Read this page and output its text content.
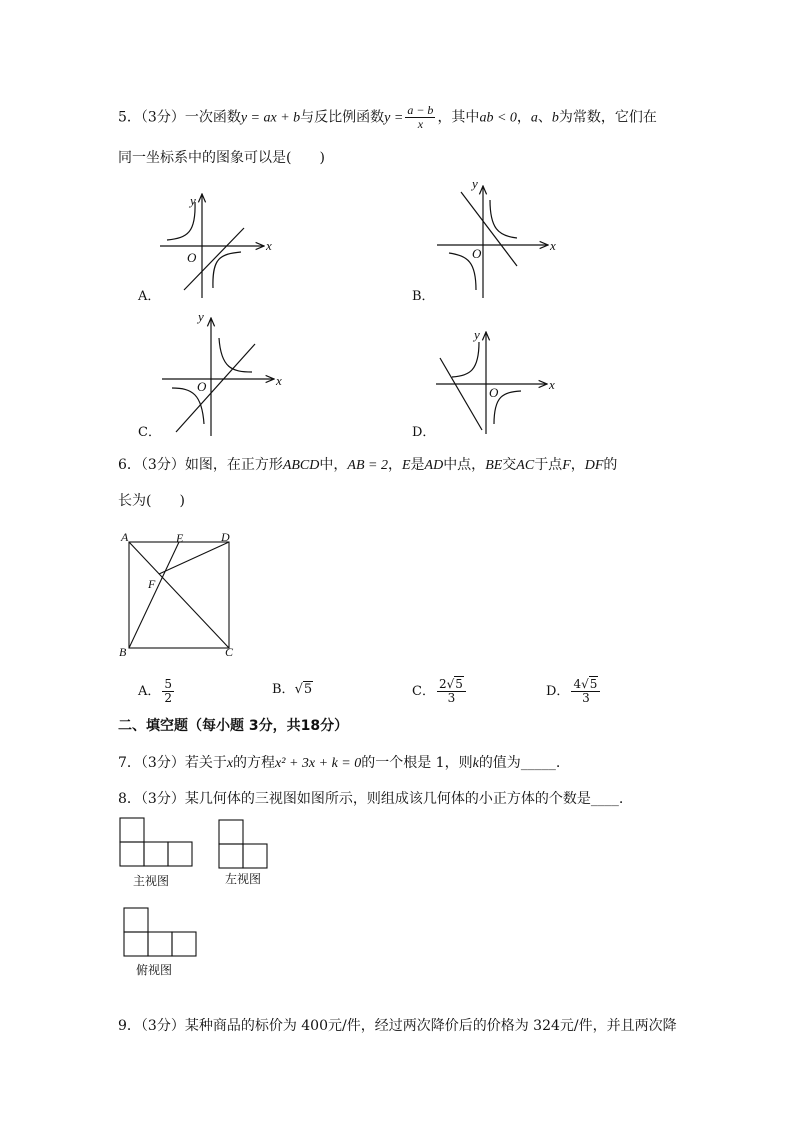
5．（3分）一次函数y = ax + b与反比例函数$y = \frac{a - b}{x}$ ，其中ab < 0，a、b为常数，它们在
同一坐标系中的图象可以是(　　)
x
y
O
x
y
O
x
y
O	x
y
O
A．	B．
C．	D．
6．（3分）如图，在正方形ABCD中，AB = 2，E是AD中点，BE交AC于点F，DF的
长为(　　)
A	E	D
F
B	C
A． $\frac{5}{2}$	B．√5	C． $\frac{2√5}{3}$	D． $\frac{4√5}{3}$
二、填空题（每小题 3分，共18分）
7．（3分）若关于x的方程x² + 3x + k = 0的一个根是 1，则k的值为_____.
8．（3分）某几何体的三视图如图所示，则组成该几何体的小正方体的个数是____.
主视图	左视图
俯视图
9．（3分）某种商品的标价为 400元/件，经过两次降价后的价格为 324元/件，并且两次降
